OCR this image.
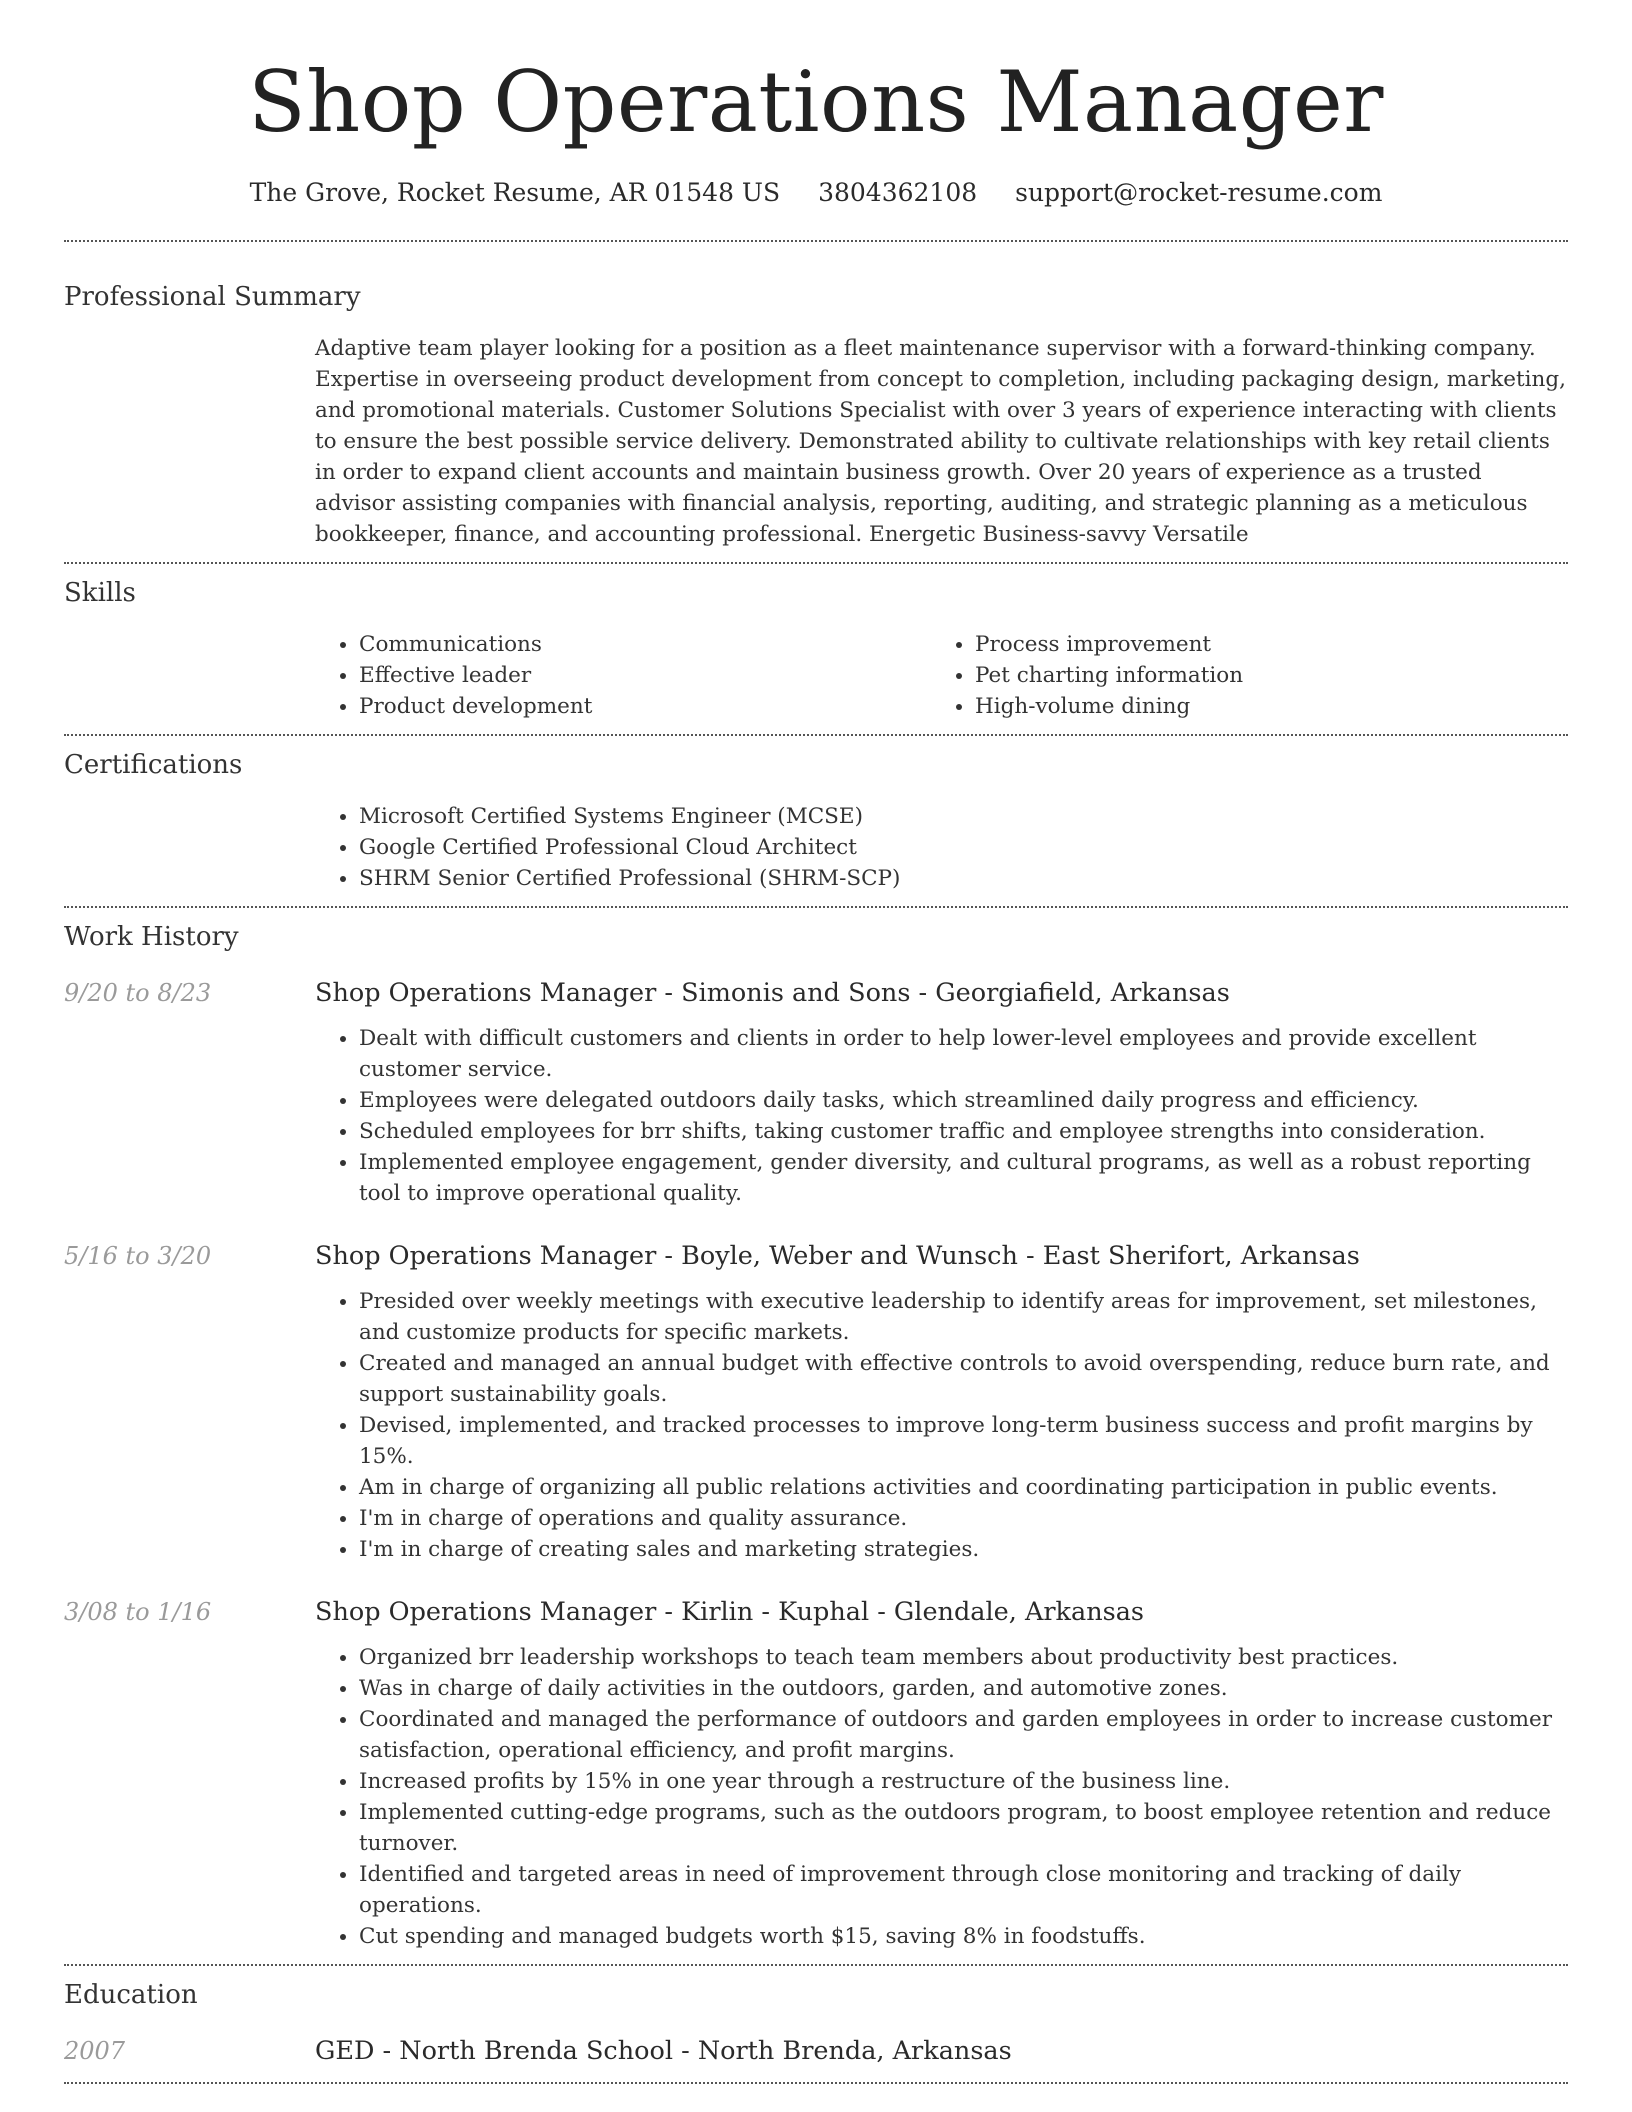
Shop Operations Manager
The Grove, Rocket Resume, AR 01548 US 3804362108 support@rocket-resume.com
Professional Summary
Adaptive team player looking for a position as a fleet maintenance supervisor with a forward-thinking company. Expertise in overseeing product development from concept to completion, including packaging design, marketing, and promotional materials. Customer Solutions Specialist with over 3 years of experience interacting with clients to ensure the best possible service delivery. Demonstrated ability to cultivate relationships with key retail clients in order to expand client accounts and maintain business growth. Over 20 years of experience as a trusted advisor assisting companies with financial analysis, reporting, auditing, and strategic planning as a meticulous bookkeeper, finance, and accounting professional. Energetic Business-savvy Versatile
Skills
• Communications
• Effective leader
• Product development
• Process improvement
• Pet charting information
• High-volume dining
Certifications
• Microsoft Certified Systems Engineer (MCSE)
• Google Certified Professional Cloud Architect
• SHRM Senior Certified Professional (SHRM-SCP)
Work History
9/20 to 8/23	Shop Operations Manager - Simonis and Sons - Georgiafield, Arkansas
• Dealt with difficult customers and clients in order to help lower-level employees and provide excellent customer service.
• Employees were delegated outdoors daily tasks, which streamlined daily progress and efficiency.
• Scheduled employees for brr shifts, taking customer traffic and employee strengths into consideration.
• Implemented employee engagement, gender diversity, and cultural programs, as well as a robust reporting tool to improve operational quality.
5/16 to 3/20	Shop Operations Manager - Boyle, Weber and Wunsch - East Sherifort, Arkansas
• Presided over weekly meetings with executive leadership to identify areas for improvement, set milestones, and customize products for specific markets.
• Created and managed an annual budget with effective controls to avoid overspending, reduce burn rate, and support sustainability goals.
• Devised, implemented, and tracked processes to improve long-term business success and profit margins by 15%.
• Am in charge of organizing all public relations activities and coordinating participation in public events.
• I'm in charge of operations and quality assurance.
• I'm in charge of creating sales and marketing strategies.
3/08 to 1/16	Shop Operations Manager - Kirlin - Kuphal - Glendale, Arkansas
• Organized brr leadership workshops to teach team members about productivity best practices.
• Was in charge of daily activities in the outdoors, garden, and automotive zones.
• Coordinated and managed the performance of outdoors and garden employees in order to increase customer satisfaction, operational efficiency, and profit margins.
• Increased profits by 15% in one year through a restructure of the business line.
• Implemented cutting-edge programs, such as the outdoors program, to boost employee retention and reduce turnover.
• Identified and targeted areas in need of improvement through close monitoring and tracking of daily operations.
• Cut spending and managed budgets worth $15, saving 8% in foodstuffs.
Education
2007	GED - North Brenda School - North Brenda, Arkansas
